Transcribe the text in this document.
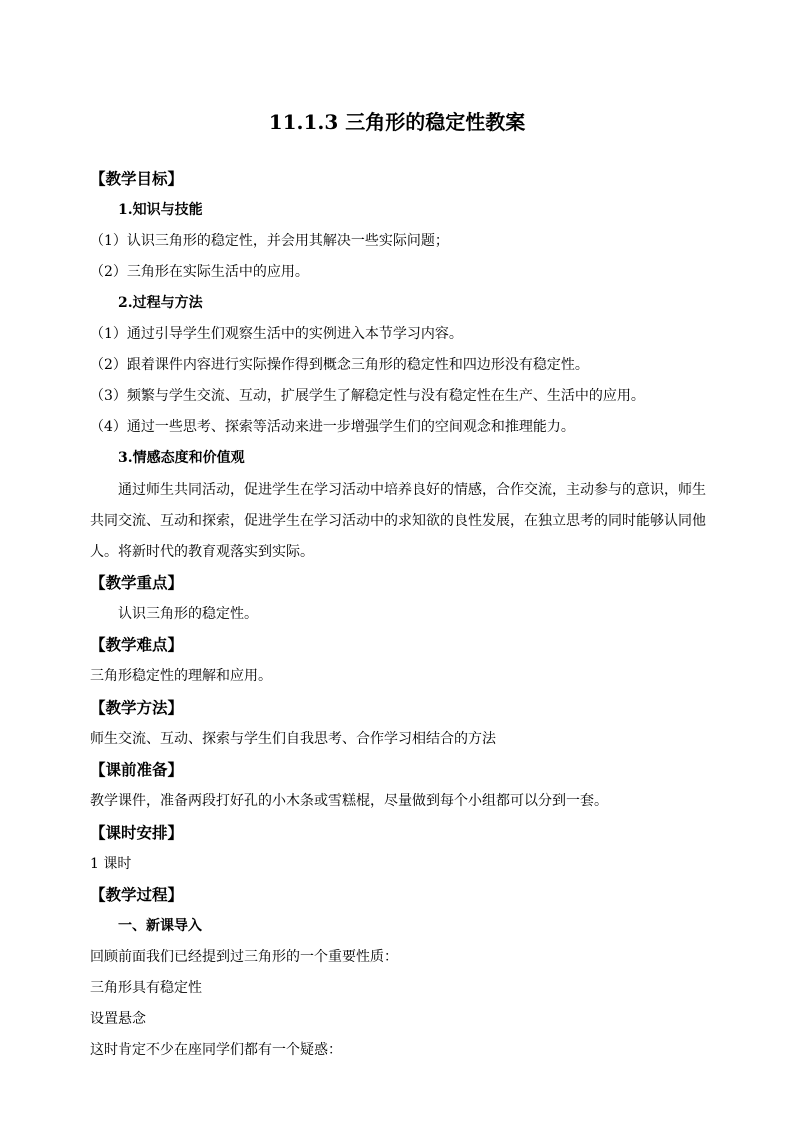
11.1.3 三角形的稳定性教案
【教学目标】
1.知识与技能
（1）认识三角形的稳定性，并会用其解决一些实际问题；
（2）三角形在实际生活中的应用。
2.过程与方法
（1）通过引导学生们观察生活中的实例进入本节学习内容。
（2）跟着课件内容进行实际操作得到概念三角形的稳定性和四边形没有稳定性。
（3）频繁与学生交流、互动，扩展学生了解稳定性与没有稳定性在生产、生活中的应用。
（4）通过一些思考、探索等活动来进一步增强学生们的空间观念和推理能力。
3.情感态度和价值观
通过师生共同活动，促进学生在学习活动中培养良好的情感，合作交流，主动参与的意识，师生共同交流、互动和探索，促进学生在学习活动中的求知欲的良性发展，在独立思考的同时能够认同他人。将新时代的教育观落实到实际。
【教学重点】
认识三角形的稳定性。
【教学难点】
三角形稳定性的理解和应用。
【教学方法】
师生交流、互动、探索与学生们自我思考、合作学习相结合的方法
【课前准备】
教学课件，准备两段打好孔的小木条或雪糕棍，尽量做到每个小组都可以分到一套。
【课时安排】
1 课时
【教学过程】
一、新课导入
回顾前面我们已经提到过三角形的一个重要性质：
三角形具有稳定性
设置悬念
这时肯定不少在座同学们都有一个疑惑：
